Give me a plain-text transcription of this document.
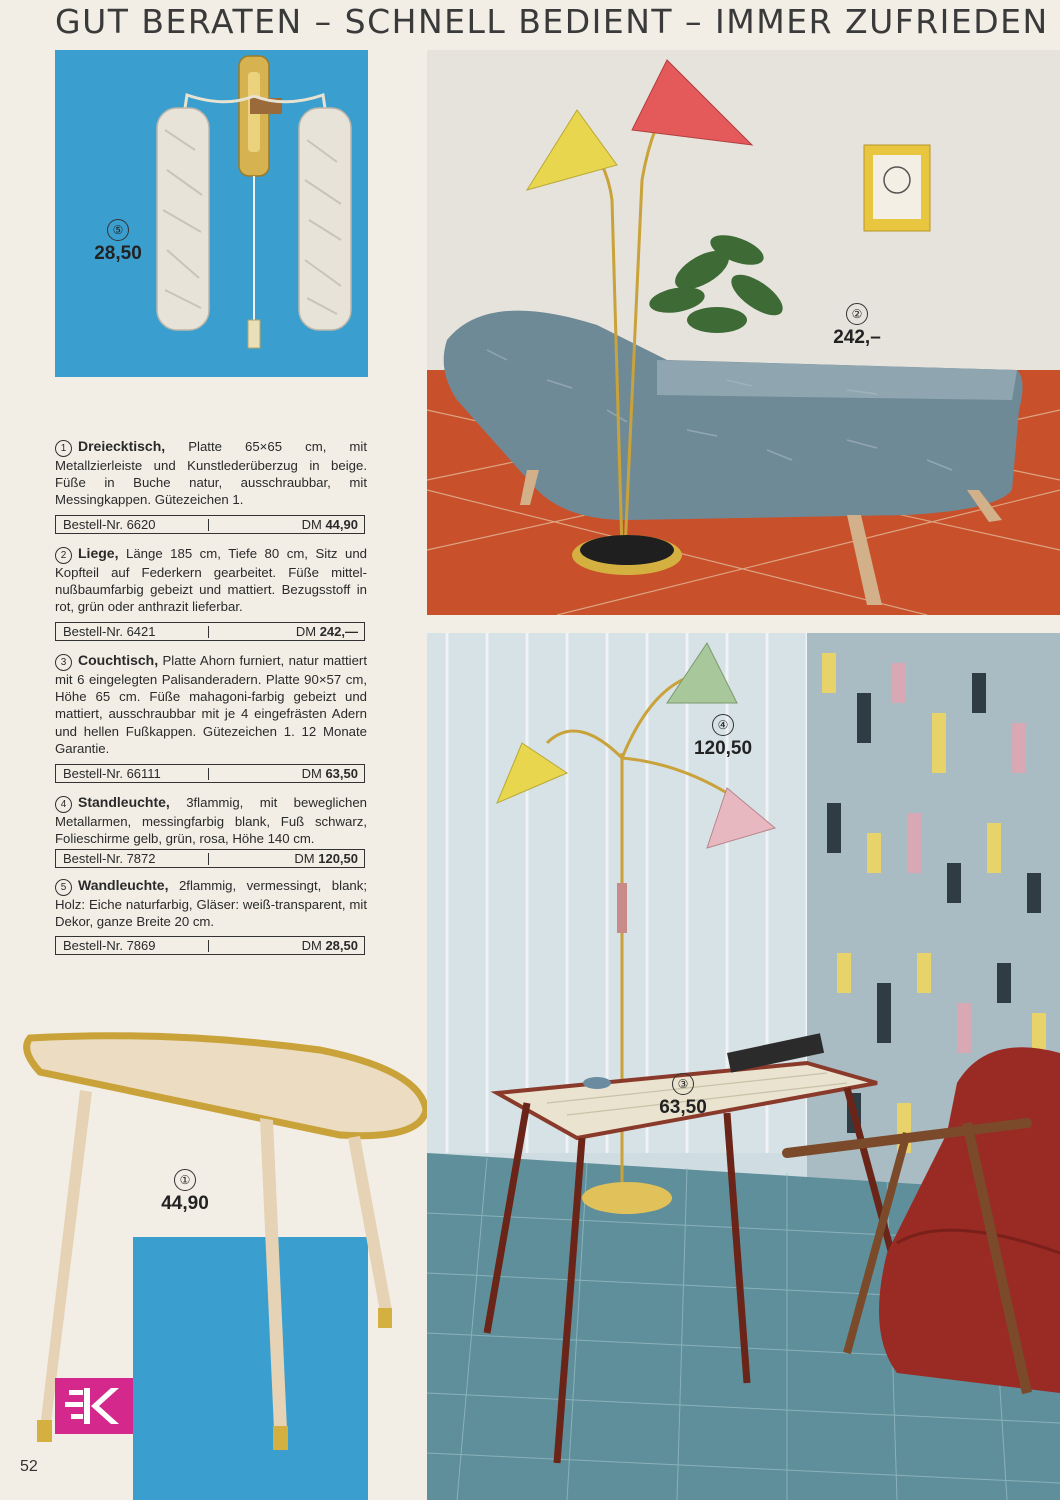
GUT BERATEN – SCHNELL BEDIENT – IMMER ZUFRIEDEN
⑤
28,50
②
242,–
④
120,50
③
63,50
1 Dreiecktisch, Platte 65×65 cm, mit Metallzierleiste und Kunstlederüberzug in beige. Füße in Buche natur, ausschraubbar, mit Messingkappen. Gütezeichen 1.
Bestell-Nr. 6620	DM 44,90
2 Liege, Länge 185 cm, Tiefe 80 cm, Sitz und Kopfteil auf Federkern gearbeitet. Füße mittel-nußbaumfarbig gebeizt und mattiert. Bezugsstoff in rot, grün oder anthrazit lieferbar.
Bestell-Nr. 6421	DM 242,—
3 Couchtisch, Platte Ahorn furniert, natur mattiert mit 6 eingelegten Palisanderadern. Platte 90×57 cm, Höhe 65 cm. Füße mahagoni-farbig gebeizt und mattiert, ausschraubbar mit je 4 eingefrästen Adern und hellen Fußkappen. Gütezeichen 1. 12 Monate Garantie.
Bestell-Nr. 66111	DM 63,50
4 Standleuchte, 3flammig, mit beweglichen Metallarmen, messingfarbig blank, Fuß schwarz, Folieschirme gelb, grün, rosa, Höhe 140 cm.
Bestell-Nr. 7872	DM 120,50
5 Wandleuchte, 2flammig, vermessingt, blank; Holz: Eiche naturfarbig, Gläser: weiß-transparent, mit Dekor, ganze Breite 20 cm.
Bestell-Nr. 7869	DM 28,50
①
44,90
52
